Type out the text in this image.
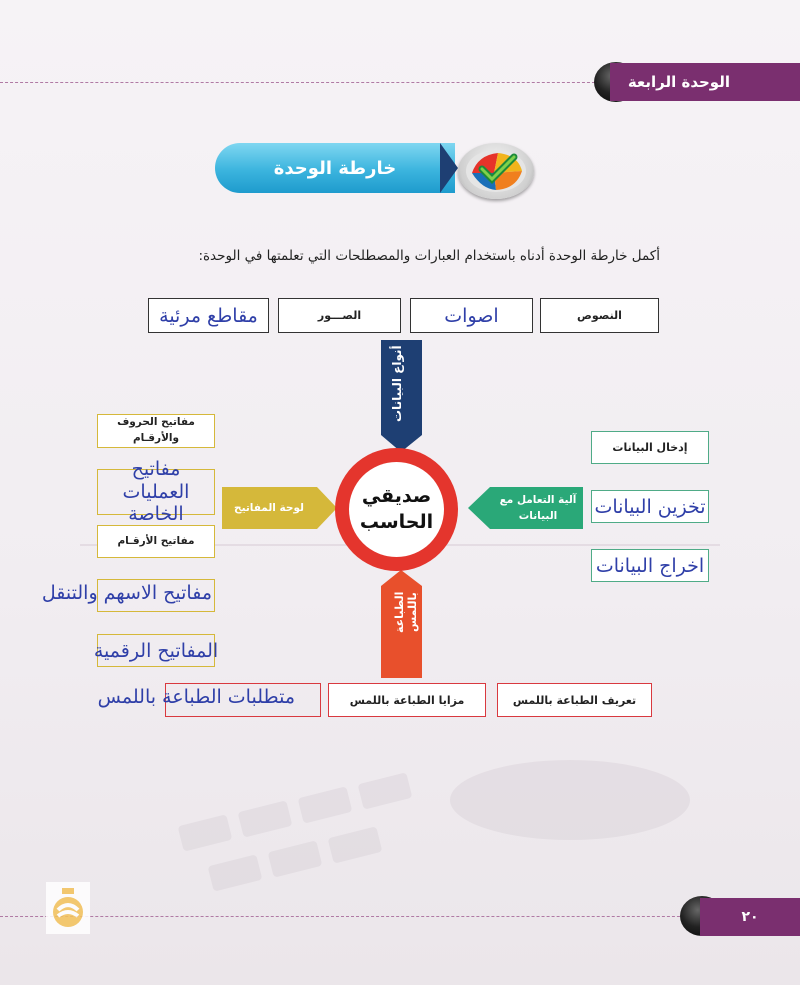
الوحدة الرابعة
خارطة الوحدة
أكمل خارطة الوحدة أدناه باستخدام العبارات والمصطلحات التي تعلمتها في الوحدة:
النصوص
اصوات
الصـــور
مقاطع مرئية
أنواع البيانات
آلية التعامل مع البيانات
لوحة المفاتيح
الطباعة باللمس
صديقي
الحاسب
إدخال البيانات
تخزين البيانات
اخراج البيانات
مفاتيح الحروف والأرقـام
مفاتيح العمليات الخاصة
مفاتيح الأرقـام
مفاتيح الاسهم والتنقل
المفاتيح الرقمية
تعريف الطباعة باللمس
مزايا الطباعة باللمس
متطلبات الطباعة باللمس
٢٠
